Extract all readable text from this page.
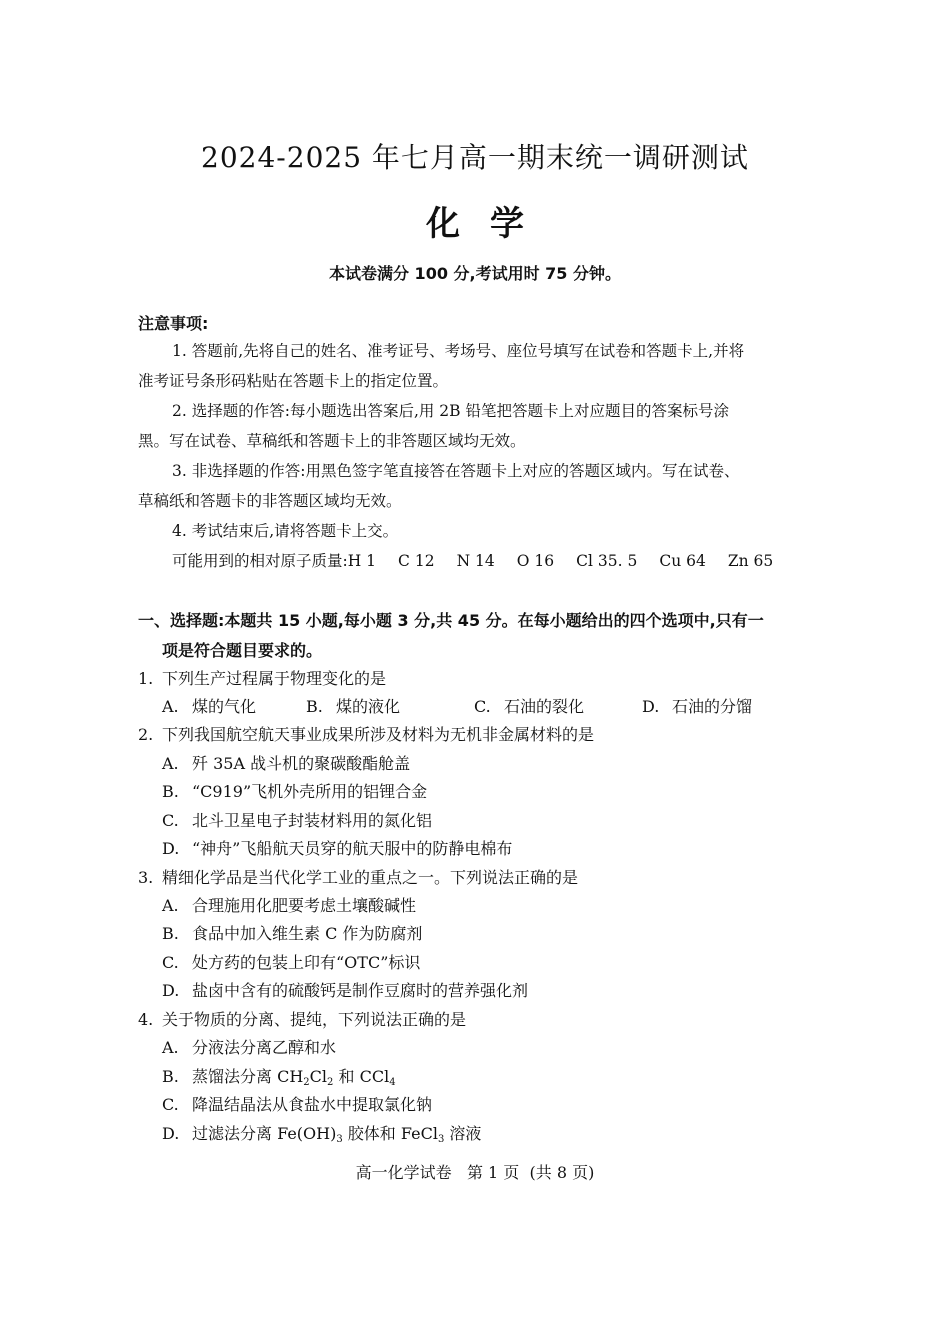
2024-2025 年七月高一期末统一调研测试
化学
本试卷满分 100 分,考试用时 75 分钟。
注意事项:
1. 答题前,先将自己的姓名、准考证号、考场号、座位号填写在试卷和答题卡上,并将
准考证号条形码粘贴在答题卡上的指定位置。
2. 选择题的作答:每小题选出答案后,用 2B 铅笔把答题卡上对应题目的答案标号涂
黑。写在试卷、草稿纸和答题卡上的非答题区域均无效。
3. 非选择题的作答:用黑色签字笔直接答在答题卡上对应的答题区域内。写在试卷、
草稿纸和答题卡的非答题区域均无效。
4. 考试结束后,请将答题卡上交。
可能用到的相对原子质量:H 1 C 12 N 14 O 16 Cl 35. 5 Cu 64 Zn 65
一、选择题:本题共 15 小题,每小题 3 分,共 45 分。在每小题给出的四个选项中,只有一
项是符合题目要求的。
1. 下列生产过程属于物理变化的是
A. 煤的气化	B. 煤的液化	C. 石油的裂化	D. 石油的分馏
2. 下列我国航空航天事业成果所涉及材料为无机非金属材料的是
A. 歼 35A 战斗机的聚碳酸酯舱盖
B. “C919”飞机外壳所用的铝锂合金
C. 北斗卫星电子封装材料用的氮化铝
D. “神舟”飞船航天员穿的航天服中的防静电棉布
3. 精细化学品是当代化学工业的重点之一。下列说法正确的是
A. 合理施用化肥要考虑土壤酸碱性
B. 食品中加入维生素 C 作为防腐剂
C. 处方药的包装上印有“OTC”标识
D. 盐卤中含有的硫酸钙是制作豆腐时的营养强化剂
4. 关于物质的分离、提纯，下列说法正确的是
A. 分液法分离乙醇和水
B. 蒸馏法分离 $CH_2Cl_2$ 和 CCl$_4$
C. 降温结晶法从食盐水中提取氯化钠
D. 过滤法分离 $Fe(OH)_3$ 胶体和 FeCl$_3$ 溶液
高一化学试卷 第 1 页 (共 8 页)
